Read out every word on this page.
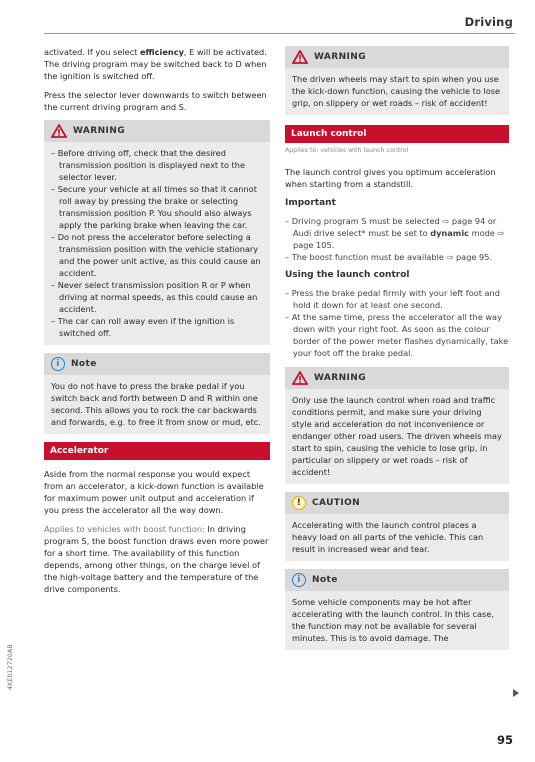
Driving

activated. If you select efficiency, E will be activated. The driving program may be switched back to D when the ignition is switched off.

Press the selector lever downwards to switch between the current driving program and S.

WARNING
– Before driving off, check that the desired transmission position is displayed next to the selector lever.
– Secure your vehicle at all times so that it cannot roll away by pressing the brake or selecting transmission position P. You should also always apply the parking brake when leaving the car.
– Do not press the accelerator before selecting a transmission position with the vehicle stationary and the power unit active, as this could cause an accident.
– Never select transmission position R or P when driving at normal speeds, as this could cause an accident.
– The car can roll away even if the ignition is switched off.
i	Note
You do not have to press the brake pedal if you switch back and forth between D and R within one second. This allows you to rock the car backwards and forwards, e.g. to free it from snow or mud, etc.
Accelerator

Aside from the normal response you would expect from an accelerator, a kick-down function is available for maximum power unit output and acceleration if you press the accelerator all the way down.

Applies to vehicles with boost function: In driving program S, the boost function draws even more power for a short time. The availability of this function depends, among other things, on the charge level of the high-voltage battery and the temperature of the drive components.

WARNING
The driven wheels may start to spin when you use the kick-down function, causing the vehicle to lose grip, on slippery or wet roads – risk of accident!
Launch control
Applies to: vehicles with launch control

The launch control gives you optimum acceleration when starting from a standstill.

Important
– Driving program S must be selected ⇨ page 94 or Audi drive select* must be set to dynamic mode ⇨ page 105.
– The boost function must be available ⇨ page 95.
Using the launch control
– Press the brake pedal firmly with your left foot and hold it down for at least one second.
– At the same time, press the accelerator all the way down with your right foot. As soon as the colour border of the power meter flashes dynamically, take your foot off the brake pedal.
WARNING
Only use the launch control when road and traffic conditions permit, and make sure your driving style and acceleration do not inconvenience or endanger other road users. The driven wheels may start to spin, causing the vehicle to lose grip, in particular on slippery or wet roads – risk of accident!
!	CAUTION
Accelerating with the launch control places a heavy load on all parts of the vehicle. This can result in increased wear and tear.
i	Note
Some vehicle components may be hot after accelerating with the launch control. In this case, the function may not be available for several minutes. This is to avoid damage. The
4KE012720AB
95
